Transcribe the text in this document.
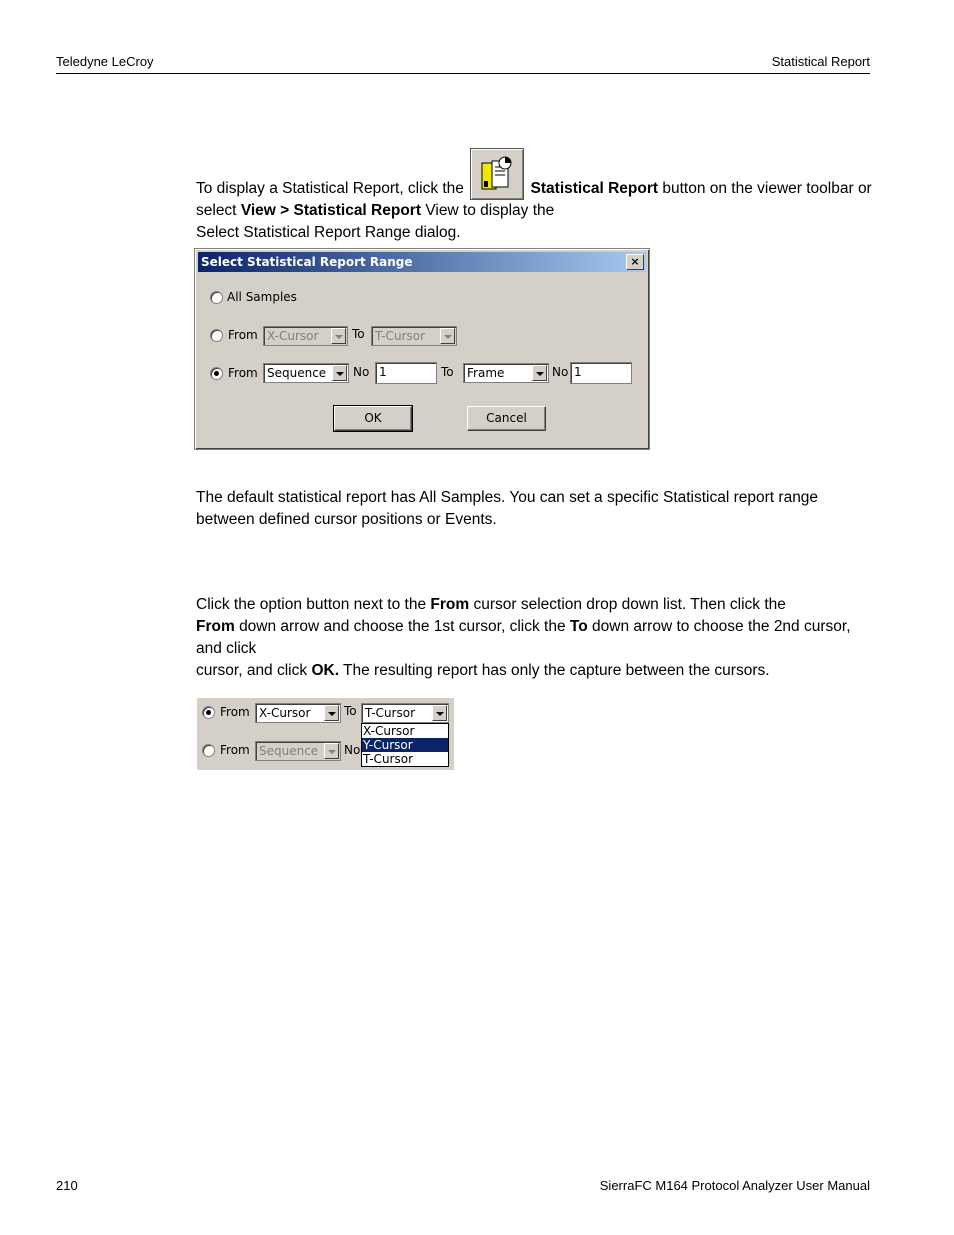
Teledyne LeCroy	Statistical Report
To display a Statistical Report, click the	Statistical Report button on the viewer toolbar or select View > Statistical Report View to display the
Select Statistical Report Range dialog.
Select Statistical Report Range	×
All Samples
From X-Cursor	To T-Cursor
From Sequence No 1	To Frame	No 1
OK	Cancel
The default statistical report has All Samples. You can set a specific Statistical report range between defined cursor positions or Events.
Click the option button next to the From cursor selection drop down list. Then click the
From down arrow and choose the 1st cursor, click the To down arrow to choose the 2nd cursor, and click
cursor, and click OK. The resulting report has only the capture between the cursors.
From X-Cursor	To T-Cursor
From Sequence No
X-Cursor
Y-Cursor
T-Cursor
210	SierraFC M164 Protocol Analyzer User Manual
